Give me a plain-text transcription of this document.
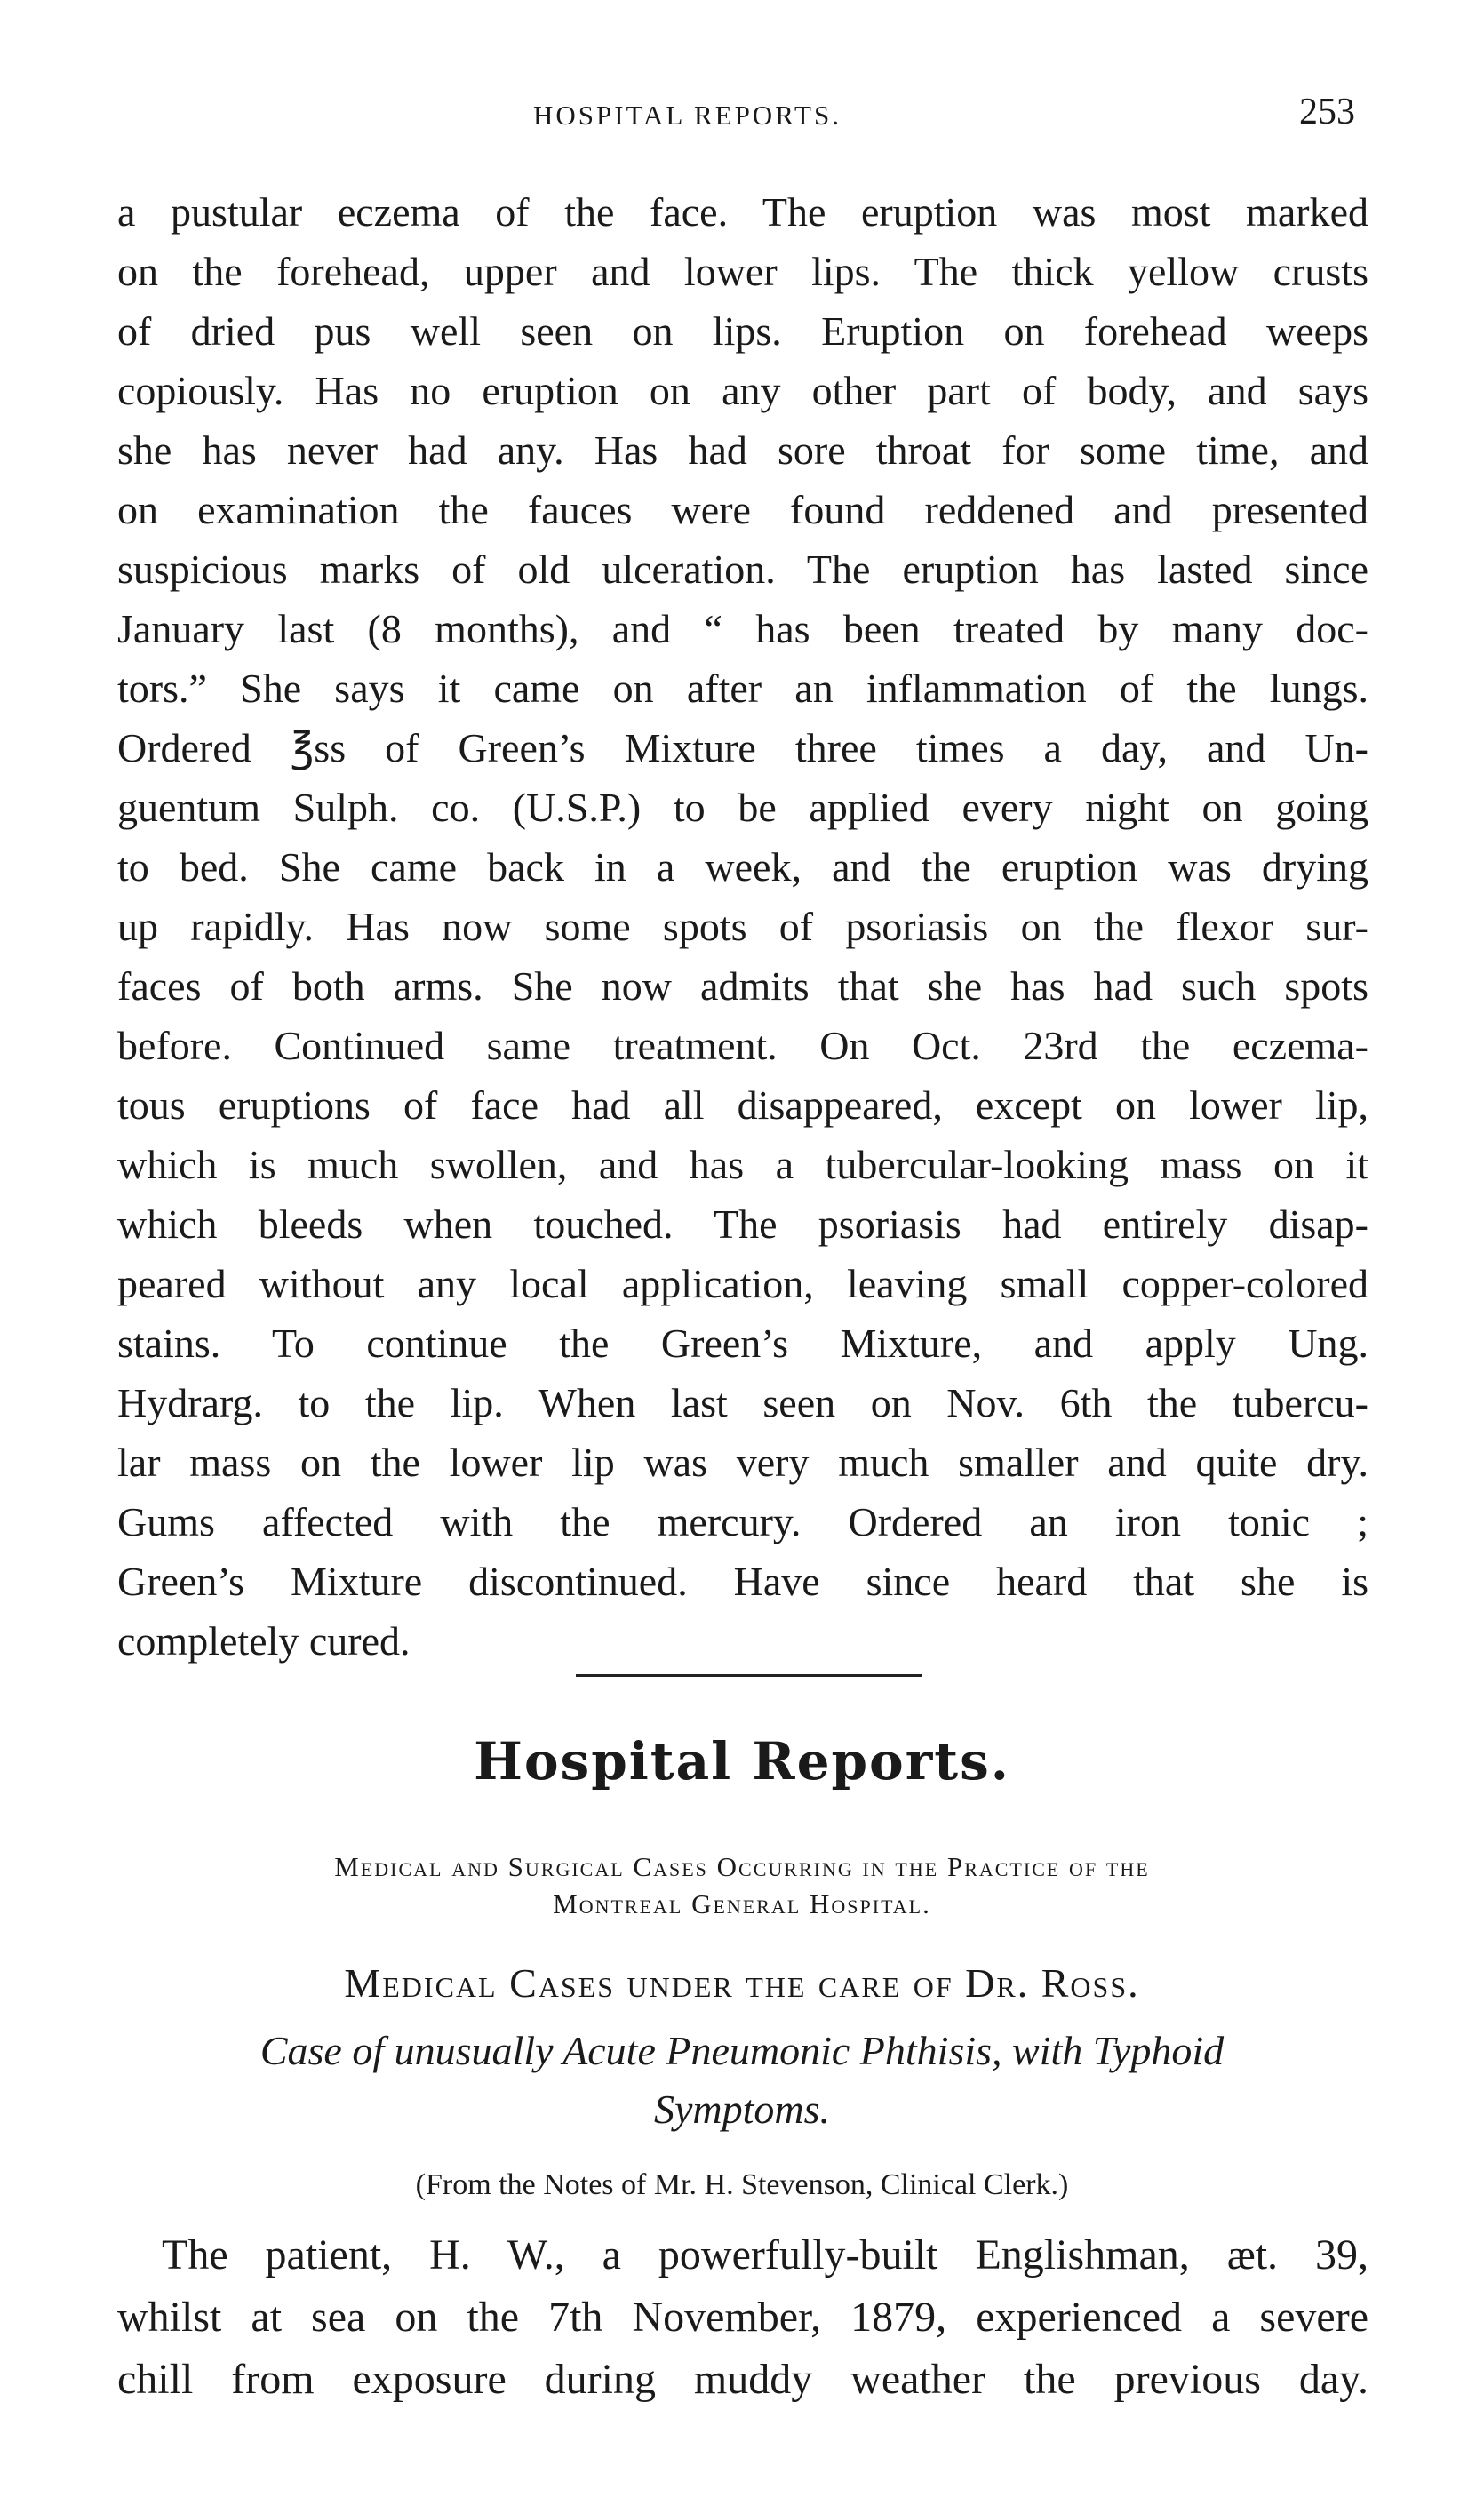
HOSPITAL REPORTS.	253
a pustular eczema of the face. The eruption was most marked
on the forehead, upper and lower lips. The thick yellow crusts
of dried pus well seen on lips. Eruption on forehead weeps
copiously. Has no eruption on any other part of body, and says
she has never had any. Has had sore throat for some time, and
on examination the fauces were found reddened and presented
suspicious marks of old ulceration. The eruption has lasted since
January last (8 months), and “ has been treated by many doc-
tors.” She says it came on after an inflammation of the lungs.
Ordered ℥ss of Green’s Mixture three times a day, and Un-
guentum Sulph. co. (U.S.P.) to be applied every night on going
to bed. She came back in a week, and the eruption was drying
up rapidly. Has now some spots of psoriasis on the flexor sur-
faces of both arms. She now admits that she has had such spots
before. Continued same treatment. On Oct. 23rd the eczema-
tous eruptions of face had all disappeared, except on lower lip,
which is much swollen, and has a tubercular-looking mass on it
which bleeds when touched. The psoriasis had entirely disap-
peared without any local application, leaving small copper-colored
stains. To continue the Green’s Mixture, and apply Ung.
Hydrarg. to the lip. When last seen on Nov. 6th the tubercu-
lar mass on the lower lip was very much smaller and quite dry.
Gums affected with the mercury. Ordered an iron tonic ;
Green’s Mixture discontinued. Have since heard that she is
completely cured.
Hospital Reports.
Medical and Surgical Cases Occurring in the Practice of the
Montreal General Hospital.
Medical Cases under the care of Dr. Ross.
Case of unusually Acute Pneumonic Phthisis, with Typhoid
Symptoms.
(From the Notes of Mr. H. Stevenson, Clinical Clerk.)
The patient, H. W., a powerfully-built Englishman, æt. 39,
whilst at sea on the 7th November, 1879, experienced a severe
chill from exposure during muddy weather the previous day.
